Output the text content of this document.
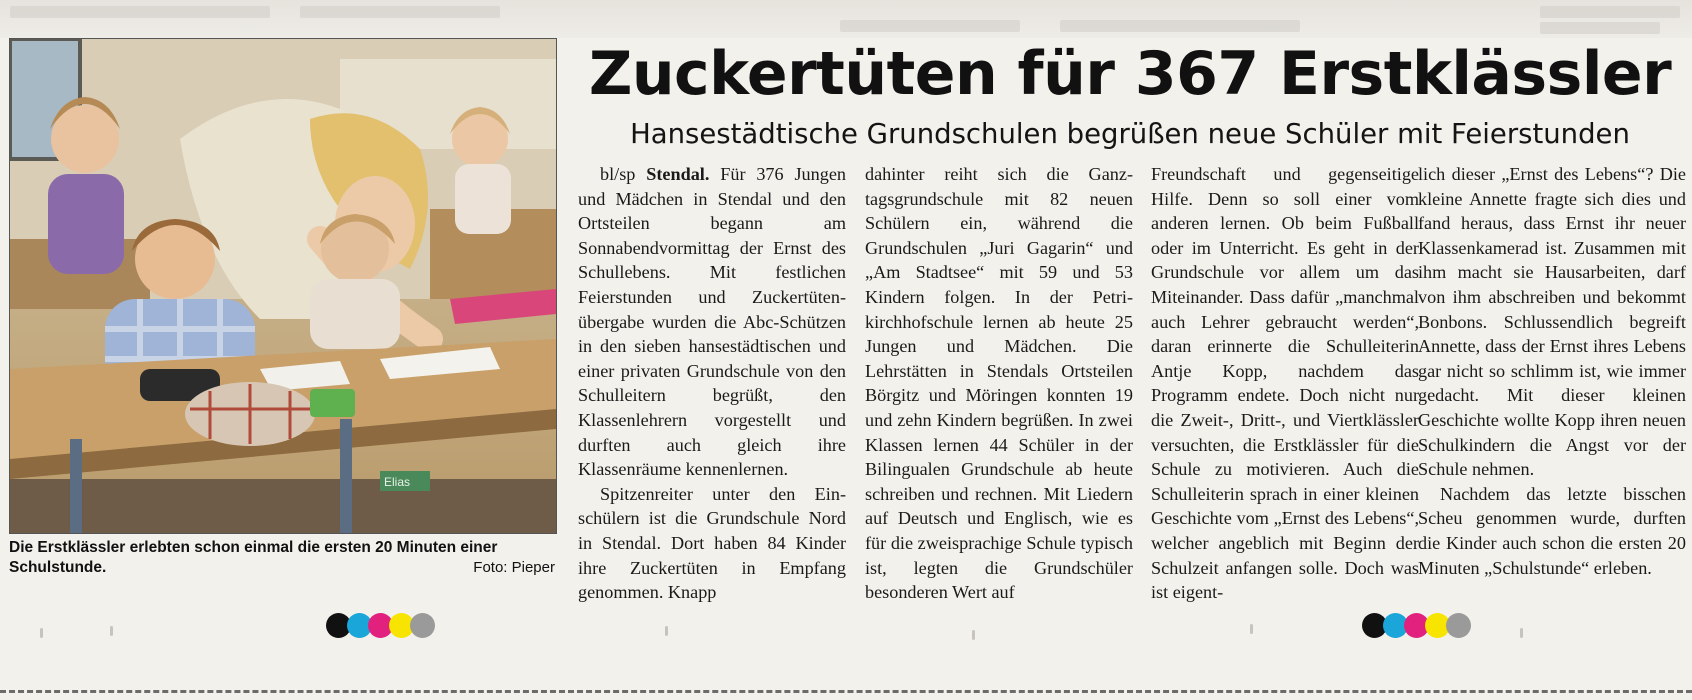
Elias
Die Erstklässler erlebten schon einmal die ersten 20 Minuten einer Schulstunde.	Foto: Pieper
Zuckertüten für 367 Erstklässler
Hansestädtische Grundschulen begrüßen neue Schüler mit Feierstunden

bl/sp Stendal. Für 376 Jungen und Mädchen in Stendal und den Ortsteilen begann am Sonnabendvormittag der Ernst des Schullebens. Mit festlichen Feierstunden und Zuckertütenübergabe wurden die Abc-Schützen in den sieben hansestädtischen und einer privaten Grundschule von den Schulleitern begrüßt, den Klassenlehrern vorgestellt und durften auch gleich ihre Klassenräume kennenlernen.

Spitzenreiter unter den Einschülern ist die Grundschule Nord in Stendal. Dort haben 84 Kinder ihre Zuckertüten in Empfang genommen. Knapp

dahinter reiht sich die Ganztagsgrundschule mit 82 neuen Schülern ein, während die Grundschulen „Juri Gagarin“ und „Am Stadtsee“ mit 59 und 53 Kindern folgen. In der Petrikirchhofschule lernen ab heute 25 Jungen und Mädchen. Die Lehrstätten in Stendals Ortsteilen Börgitz und Möringen konnten 19 und zehn Kindern begrüßen. In zwei Klassen lernen 44 Schüler in der Bilingualen Grundschule ab heute schreiben und rechnen. Mit Liedern auf Deutsch und Englisch, wie es für die zweisprachige Schule typisch ist, legten die Grundschüler besonderen Wert auf

Freundschaft und gegenseitige Hilfe. Denn so soll einer vom anderen lernen. Ob beim Fußball oder im Unterricht. Es geht in der Grundschule vor allem um das Miteinander. Dass dafür „manchmal auch Lehrer gebraucht werden“, daran erinnerte die Schulleiterin Antje Kopp, nachdem das Programm endete. Doch nicht nur die Zweit-, Dritt-, und Viertklässler versuchten, die Erstklässler für die Schule zu motivieren. Auch die Schulleiterin sprach in einer kleinen Geschichte vom „Ernst des Lebens“, welcher angeblich mit Beginn der Schulzeit anfangen solle. Doch was ist eigent-

lich dieser „Ernst des Lebens“? Die kleine Annette fragte sich dies und fand heraus, dass Ernst ihr neuer Klassenkamerad ist. Zusammen mit ihm macht sie Hausarbeiten, darf von ihm abschreiben und bekommt Bonbons. Schlussendlich begreift Annette, dass der Ernst ihres Lebens gar nicht so schlimm ist, wie immer gedacht. Mit dieser kleinen Geschichte wollte Kopp ihren neuen Schulkindern die Angst vor der Schule nehmen.

Nachdem das letzte bisschen Scheu genommen wurde, durften die Kinder auch schon die ersten 20 Minuten „Schulstunde“ erleben.
